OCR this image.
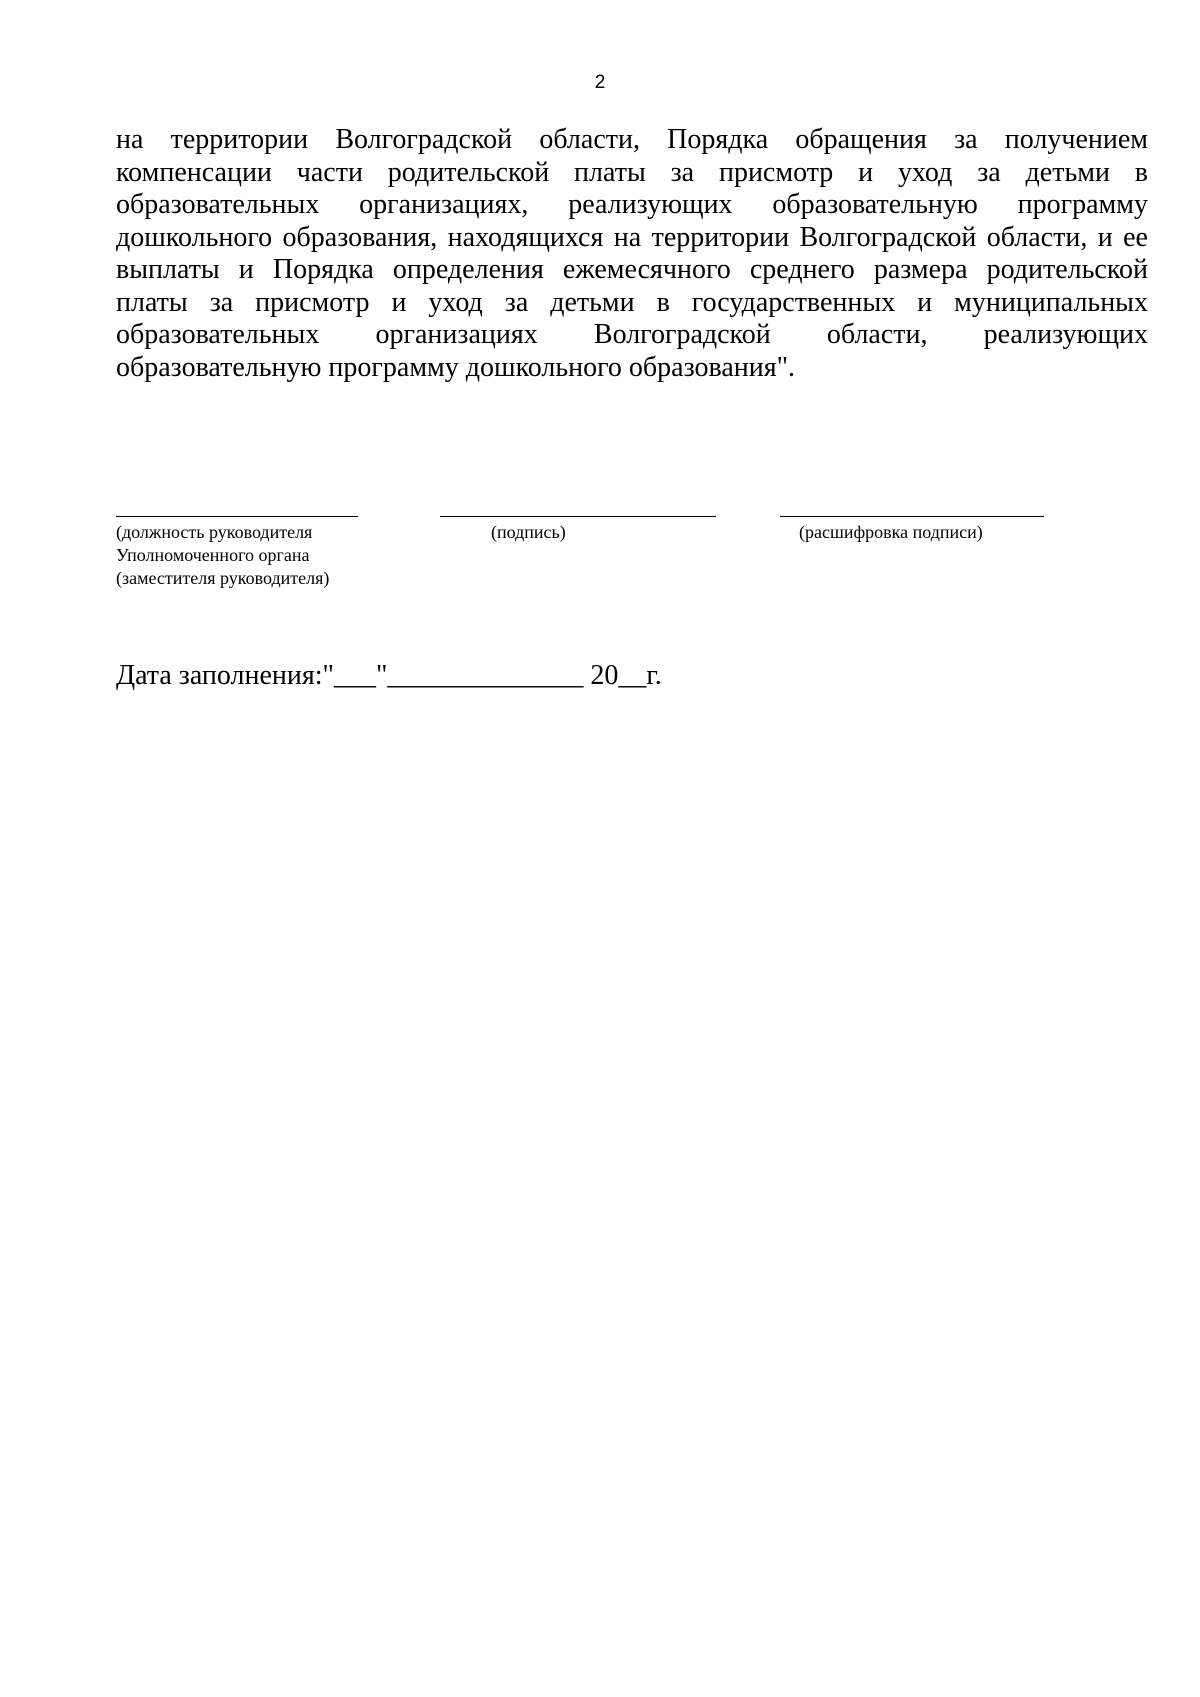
2
на территории Волгоградской области, Порядка обращения за получением
компенсации части родительской платы за присмотр и уход за детьми в
образовательных организациях, реализующих образовательную программу
дошкольного образования, находящихся на территории Волгоградской области, и ее
выплаты и Порядка определения ежемесячного среднего размера родительской
платы за присмотр и уход за детьми в государственных и муниципальных
образовательных организациях Волгоградской области, реализующих
образовательную программу дошкольного образования".
(должность руководителя
Уполномоченного органа
(заместителя руководителя)
(подпись)	(расшифровка подписи)
Дата заполнения:"___"______________ 20__г.
